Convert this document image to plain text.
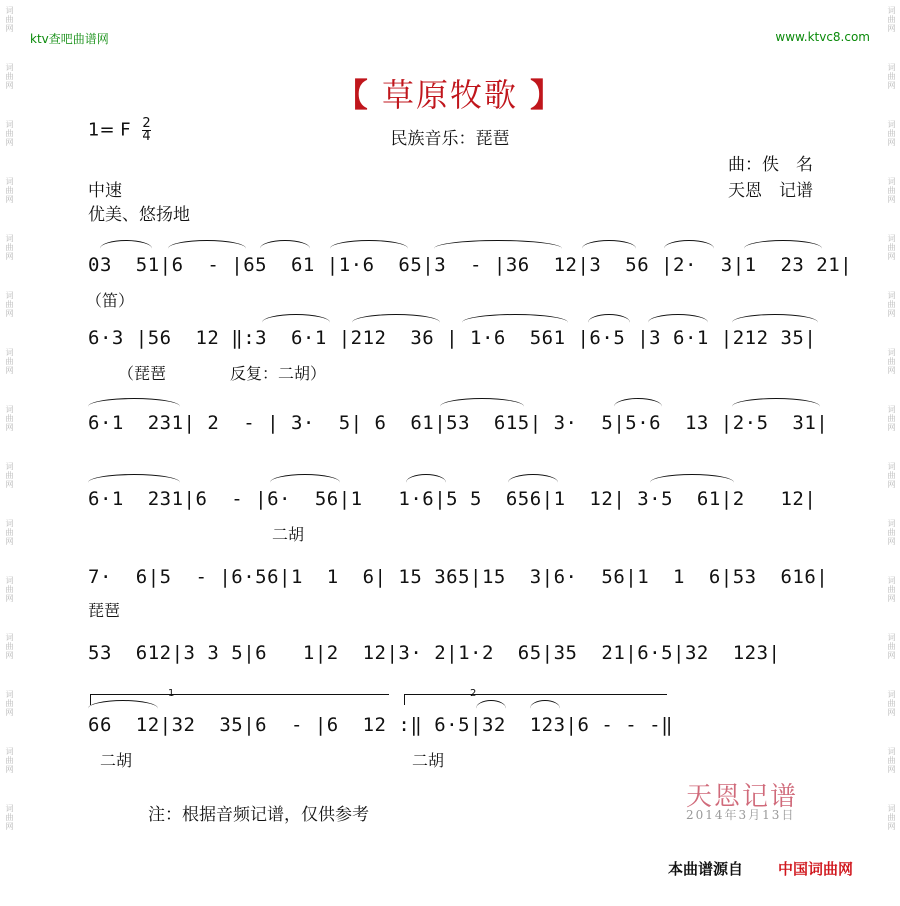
词曲网
词曲网
词曲网
词曲网
词曲网
词曲网
词曲网
词曲网
词曲网
词曲网
词曲网
词曲网
词曲网
词曲网
词曲网
词曲网
词曲网
词曲网
词曲网
词曲网
词曲网
词曲网
词曲网
词曲网
词曲网
词曲网
词曲网
词曲网
词曲网
词曲网
ktv查吧曲谱网	www.ktvc8.com
【 草原牧歌 】
1= F $\frac{2}{4}$	民族音乐：琵琶
曲：佚　名
天恩　记谱
中速
优美、悠扬地
03  51|6  - |65  61 |1·6  65|3  - |36  12|3  56 |2·  3|1  23 21|
（笛）
6·3 |56  12 ‖:3  6·1 |212  36 | 1·6  561 |6·5 |3 6·1 |212 35|
（琵琶　　　　反复：二胡）
6·1  231| 2  - | 3·  5| 6  61|53  615| 3·  5|5·6  13 |2·5  31|
6·1  231|6  - |6·  56|1   1·6|5 5  656|1  12| 3·5  61|2   12|
二胡
7·  6|5  - |6·56|1  1  6| 15 365|15  3|6·  56|1  1  6|53  616|
琵琶
53  612|3 3 5|6   1|2  12|3· 2|1·2  65|35  21|6·5|32  123|
1	2
66  12|32  35|6  - |6  12 :‖ 6·5|32  123|6 - - -‖
二胡	二胡
注：根据音频记谱，仅供参考
天恩记谱
2014年3月13日
本曲谱源自 中国词曲网
